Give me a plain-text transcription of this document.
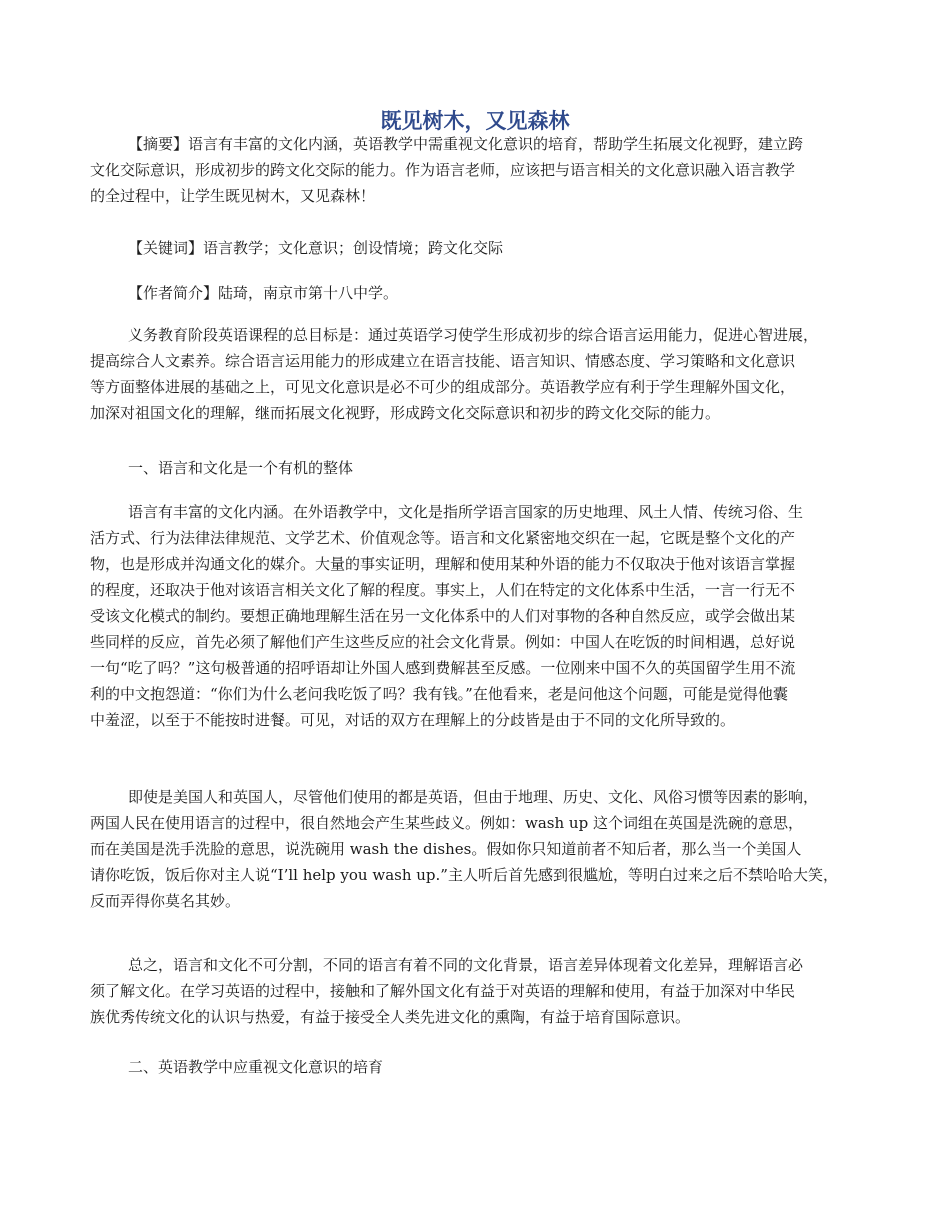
既见树木，又见森林
【摘要】语言有丰富的文化内涵，英语教学中需重视文化意识的培育，帮助学生拓展文化视野，建立跨
文化交际意识，形成初步的跨文化交际的能力。作为语言老师，应该把与语言相关的文化意识融入语言教学
的全过程中，让学生既见树木，又见森林！

【关键词】语言教学；文化意识；创设情境；跨文化交际

【作者简介】陆琦，南京市第十八中学。

义务教育阶段英语课程的总目标是：通过英语学习使学生形成初步的综合语言运用能力，促进心智进展，
提高综合人文素养。综合语言运用能力的形成建立在语言技能、语言知识、情感态度、学习策略和文化意识
等方面整体进展的基础之上，可见文化意识是必不可少的组成部分。英语教学应有利于学生理解外国文化，
加深对祖国文化的理解，继而拓展文化视野，形成跨文化交际意识和初步的跨文化交际的能力。

一、语言和文化是一个有机的整体

语言有丰富的文化内涵。在外语教学中，文化是指所学语言国家的历史地理、风土人情、传统习俗、生
活方式、行为法律法律规范、文学艺术、价值观念等。语言和文化紧密地交织在一起，它既是整个文化的产
物，也是形成并沟通文化的媒介。大量的事实证明，理解和使用某种外语的能力不仅取决于他对该语言掌握
的程度，还取决于他对该语言相关文化了解的程度。事实上，人们在特定的文化体系中生活，一言一行无不
受该文化模式的制约。要想正确地理解生活在另一文化体系中的人们对事物的各种自然反应，或学会做出某
些同样的反应，首先必须了解他们产生这些反应的社会文化背景。例如：中国人在吃饭的时间相遇，总好说
一句“吃了吗？”这句极普通的招呼语却让外国人感到费解甚至反感。一位刚来中国不久的英国留学生用不流
利的中文抱怨道：“你们为什么老问我吃饭了吗？我有钱。”在他看来，老是问他这个问题，可能是觉得他囊
中羞涩，以至于不能按时进餐。可见，对话的双方在理解上的分歧皆是由于不同的文化所导致的。
即使是美国人和英国人，尽管他们使用的都是英语，但由于地理、历史、文化、风俗习惯等因素的影响，
两国人民在使用语言的过程中，很自然地会产生某些歧义。例如：wash up 这个词组在英国是洗碗的意思，
而在美国是洗手洗脸的意思，说洗碗用 wash the dishes。假如你只知道前者不知后者，那么当一个美国人
请你吃饭，饭后你对主人说“I’ll help you wash up.”主人听后首先感到很尴尬，等明白过来之后不禁哈哈大笑，
反而弄得你莫名其妙。
总之，语言和文化不可分割，不同的语言有着不同的文化背景，语言差异体现着文化差异，理解语言必
须了解文化。在学习英语的过程中，接触和了解外国文化有益于对英语的理解和使用，有益于加深对中华民
族优秀传统文化的认识与热爱，有益于接受全人类先进文化的熏陶，有益于培育国际意识。

二、英语教学中应重视文化意识的培育
